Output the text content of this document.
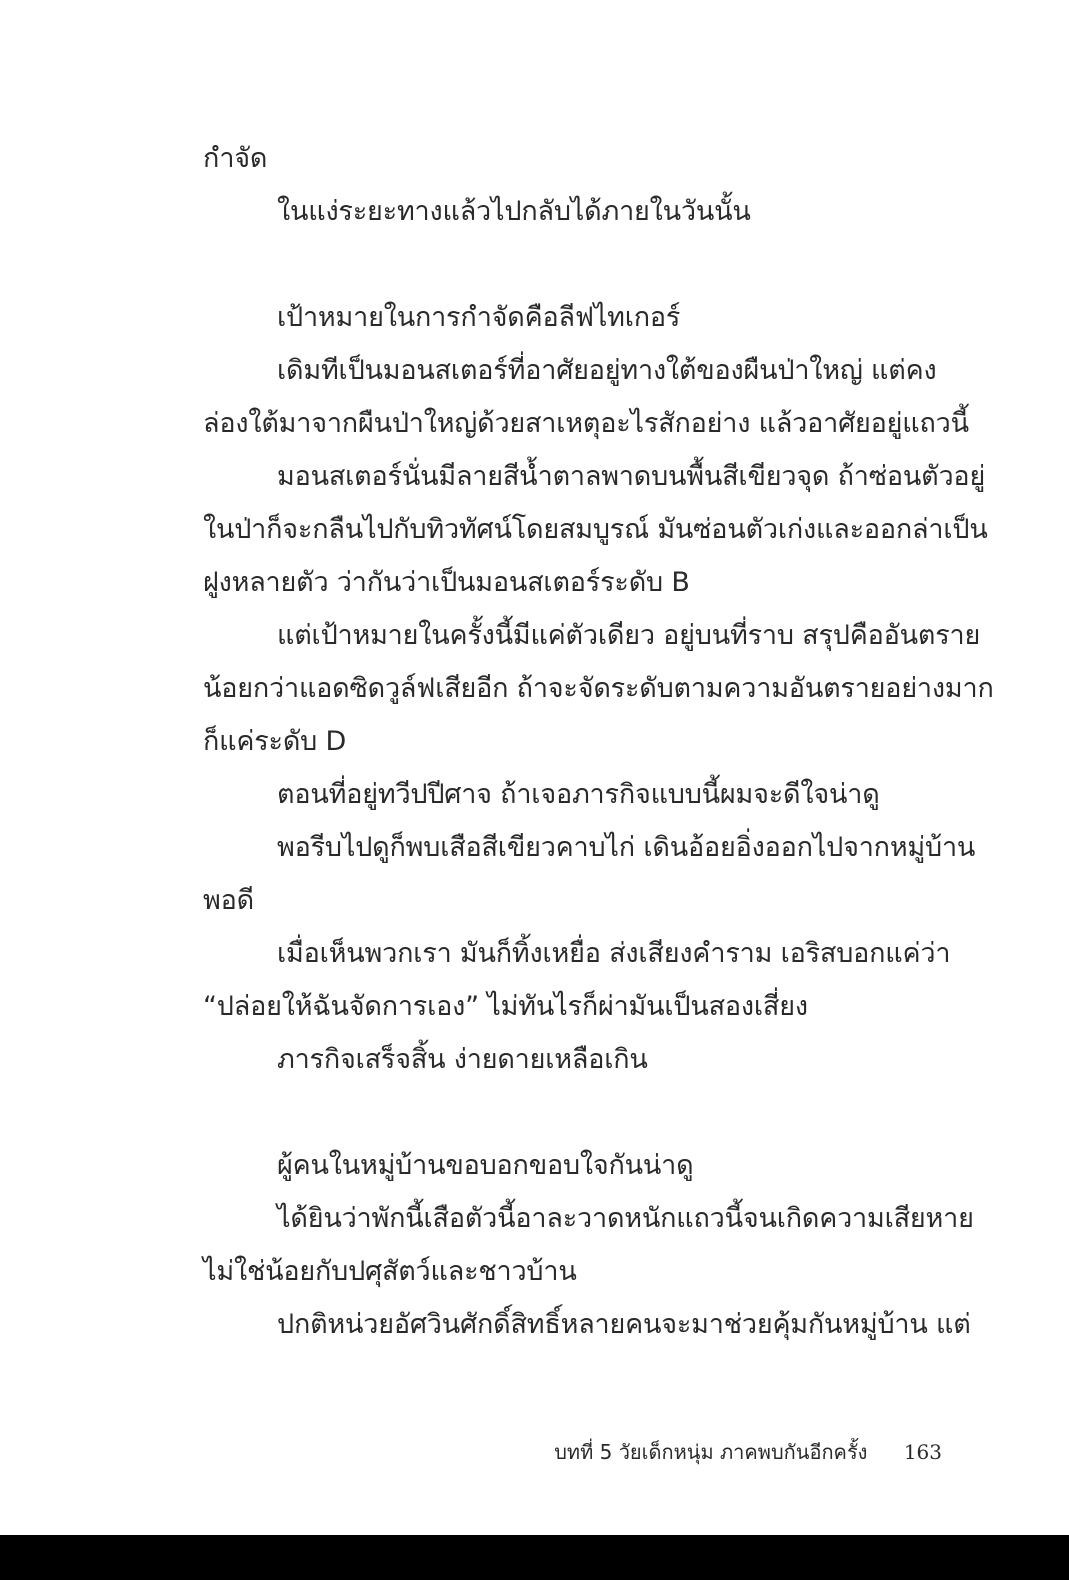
กำจัด
ในแง่ระยะทางแล้วไปกลับได้ภายในวันนั้น
เป้าหมายในการกำจัดคือลีฟไทเกอร์
เดิมทีเป็นมอนสเตอร์ที่อาศัยอยู่ทางใต้ของผืนป่าใหญ่ แต่คง
ล่องใต้มาจากผืนป่าใหญ่ด้วยสาเหตุอะไรสักอย่าง แล้วอาศัยอยู่แถวนี้
มอนสเตอร์นั่นมีลายสีน้ำตาลพาดบนพื้นสีเขียวจุด ถ้าซ่อนตัวอยู่
ในป่าก็จะกลืนไปกับทิวทัศน์โดยสมบูรณ์ มันซ่อนตัวเก่งและออกล่าเป็น
ฝูงหลายตัว ว่ากันว่าเป็นมอนสเตอร์ระดับ B
แต่เป้าหมายในครั้งนี้มีแค่ตัวเดียว อยู่บนที่ราบ สรุปคืออันตราย
น้อยกว่าแอดซิดวูล์ฟเสียอีก ถ้าจะจัดระดับตามความอันตรายอย่างมาก
ก็แค่ระดับ D
ตอนที่อยู่ทวีปปีศาจ ถ้าเจอภารกิจแบบนี้ผมจะดีใจน่าดู
พอรีบไปดูก็พบเสือสีเขียวคาบไก่ เดินอ้อยอิ่งออกไปจากหมู่บ้าน
พอดี
เมื่อเห็นพวกเรา มันก็ทิ้งเหยื่อ ส่งเสียงคำราม เอริสบอกแค่ว่า
“ปล่อยให้ฉันจัดการเอง” ไม่ทันไรก็ผ่ามันเป็นสองเสี่ยง
ภารกิจเสร็จสิ้น ง่ายดายเหลือเกิน
ผู้คนในหมู่บ้านขอบอกขอบใจกันน่าดู
ได้ยินว่าพักนี้เสือตัวนี้อาละวาดหนักแถวนี้จนเกิดความเสียหาย
ไม่ใช่น้อยกับปศุสัตว์และชาวบ้าน
ปกติหน่วยอัศวินศักดิ์สิทธิ์หลายคนจะมาช่วยคุ้มกันหมู่บ้าน แต่
บทที่ 5 วัยเด็กหนุ่ม ภาคพบกันอีกครั้ง 163
